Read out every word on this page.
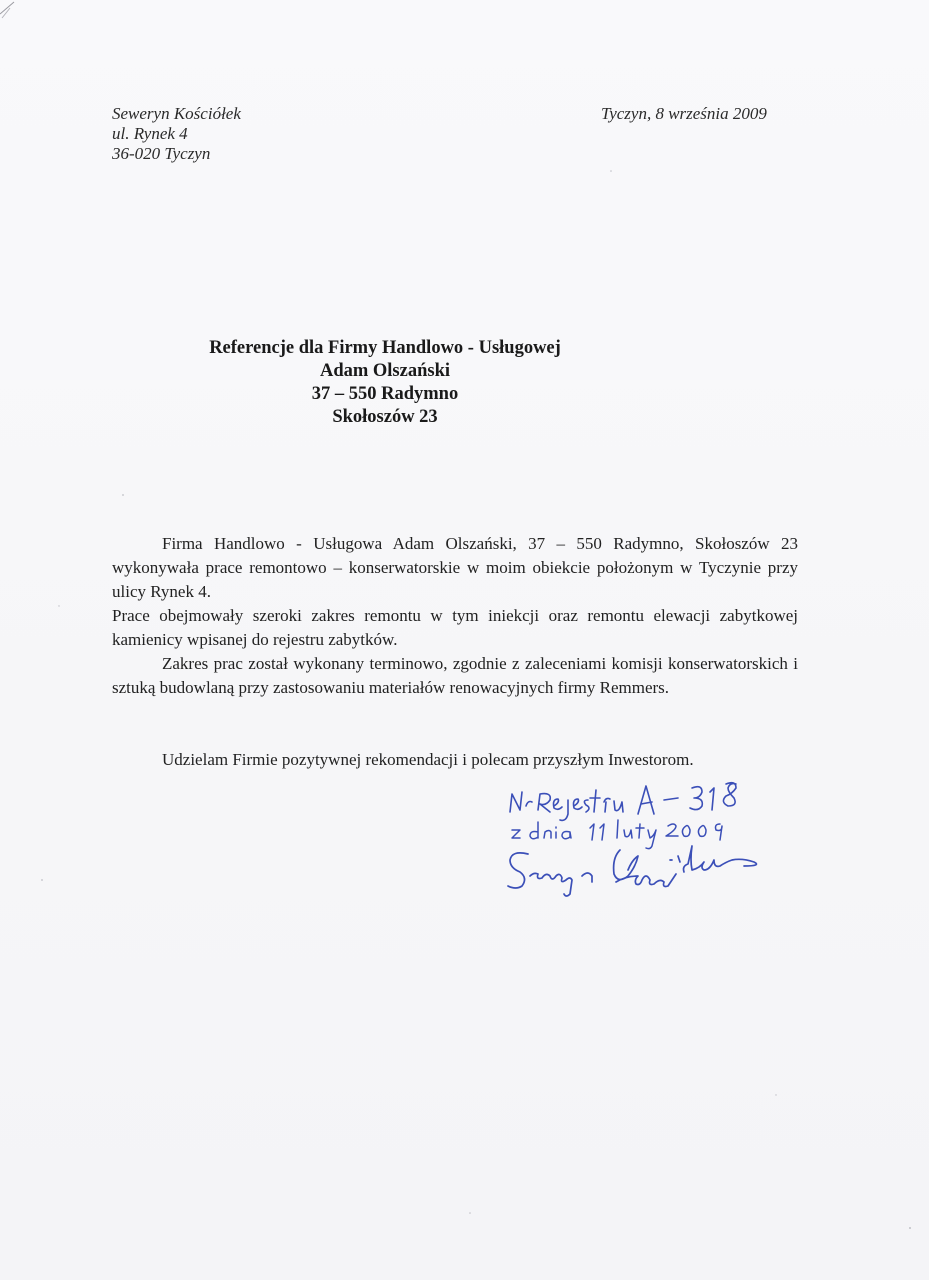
Seweryn Kościółek
ul. Rynek 4
36-020 Tyczyn
Tyczyn, 8 września 2009
Referencje dla Firmy Handlowo - Usługowej
Adam Olszański
37 – 550 Radymno
Skołoszów 23

Firma Handlowo - Usługowa Adam Olszański, 37 – 550 Radymno, Skołoszów 23 wykonywała prace remontowo – konserwatorskie w moim obiekcie położonym w Tyczynie przy ulicy Rynek 4.

Prace obejmowały szeroki zakres remontu w tym iniekcji oraz remontu elewacji zabytkowej kamienicy wpisanej do rejestru zabytków.

Zakres prac został wykonany terminowo, zgodnie z zaleceniami komisji konserwatorskich i sztuką budowlaną przy zastosowaniu materiałów renowacyjnych firmy Remmers.

Udzielam Firmie pozytywnej rekomendacji i polecam przyszłym Inwestorom.
